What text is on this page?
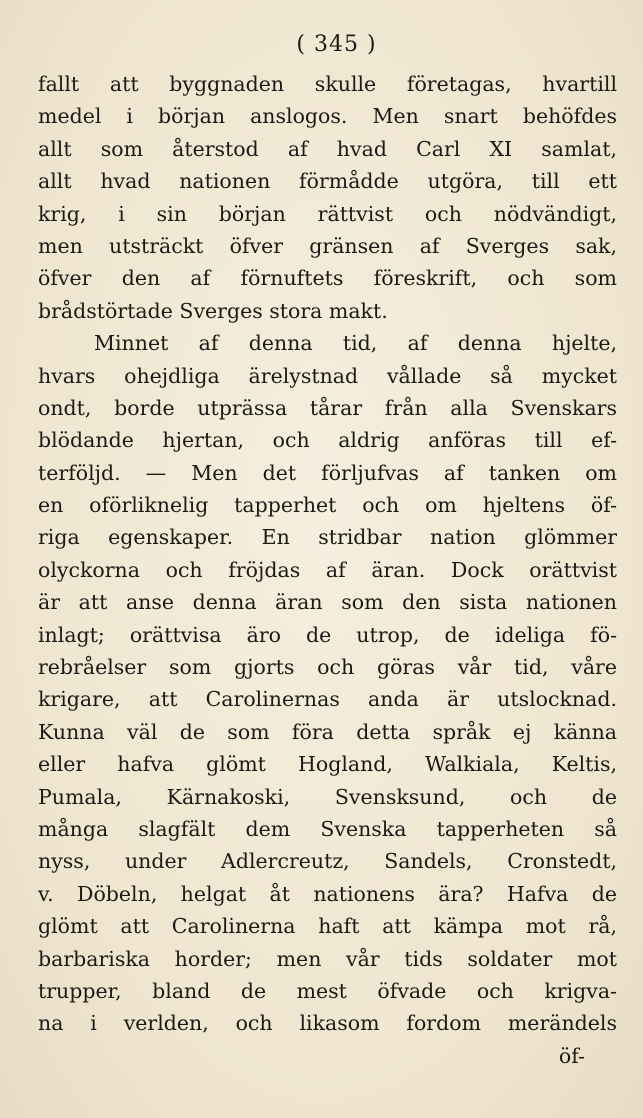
( 345 )
fallt att byggnaden skulle företagas, hvartill
medel i början anslogos. Men snart behöfdes
allt som återstod af hvad Carl XI samlat,
allt hvad nationen förmådde utgöra, till ett
krig, i sin början rättvist och nödvändigt,
men utsträckt öfver gränsen af Sverges sak,
öfver den af förnuftets föreskrift, och som
brådstörtade Sverges stora makt.
Minnet af denna tid, af denna hjelte,
hvars ohejdliga ärelystnad vållade så mycket
ondt, borde utprässa tårar från alla Svenskars
blödande hjertan, och aldrig anföras till ef-
terföljd. — Men det förljufvas af tanken om
en oförliknelig tapperhet och om hjeltens öf-
riga egenskaper. En stridbar nation glömmer
olyckorna och fröjdas af äran. Dock orättvist
är att anse denna äran som den sista nationen
inlagt; orättvisa äro de utrop, de ideliga fö-
rebråelser som gjorts och göras vår tid, våre
krigare, att Carolinernas anda är utslocknad.
Kunna väl de som föra detta språk ej känna
eller hafva glömt Hogland, Walkiala, Keltis,
Pumala, Kärnakoski, Svensksund, och de
många slagfält dem Svenska tapperheten så
nyss, under Adlercreutz, Sandels, Cronstedt,
v. Döbeln, helgat åt nationens ära? Hafva de
glömt att Carolinerna haft att kämpa mot rå,
barbariska horder; men vår tids soldater mot
trupper, bland de mest öfvade och krigva-
na i verlden, och likasom fordom merändels
öf-
